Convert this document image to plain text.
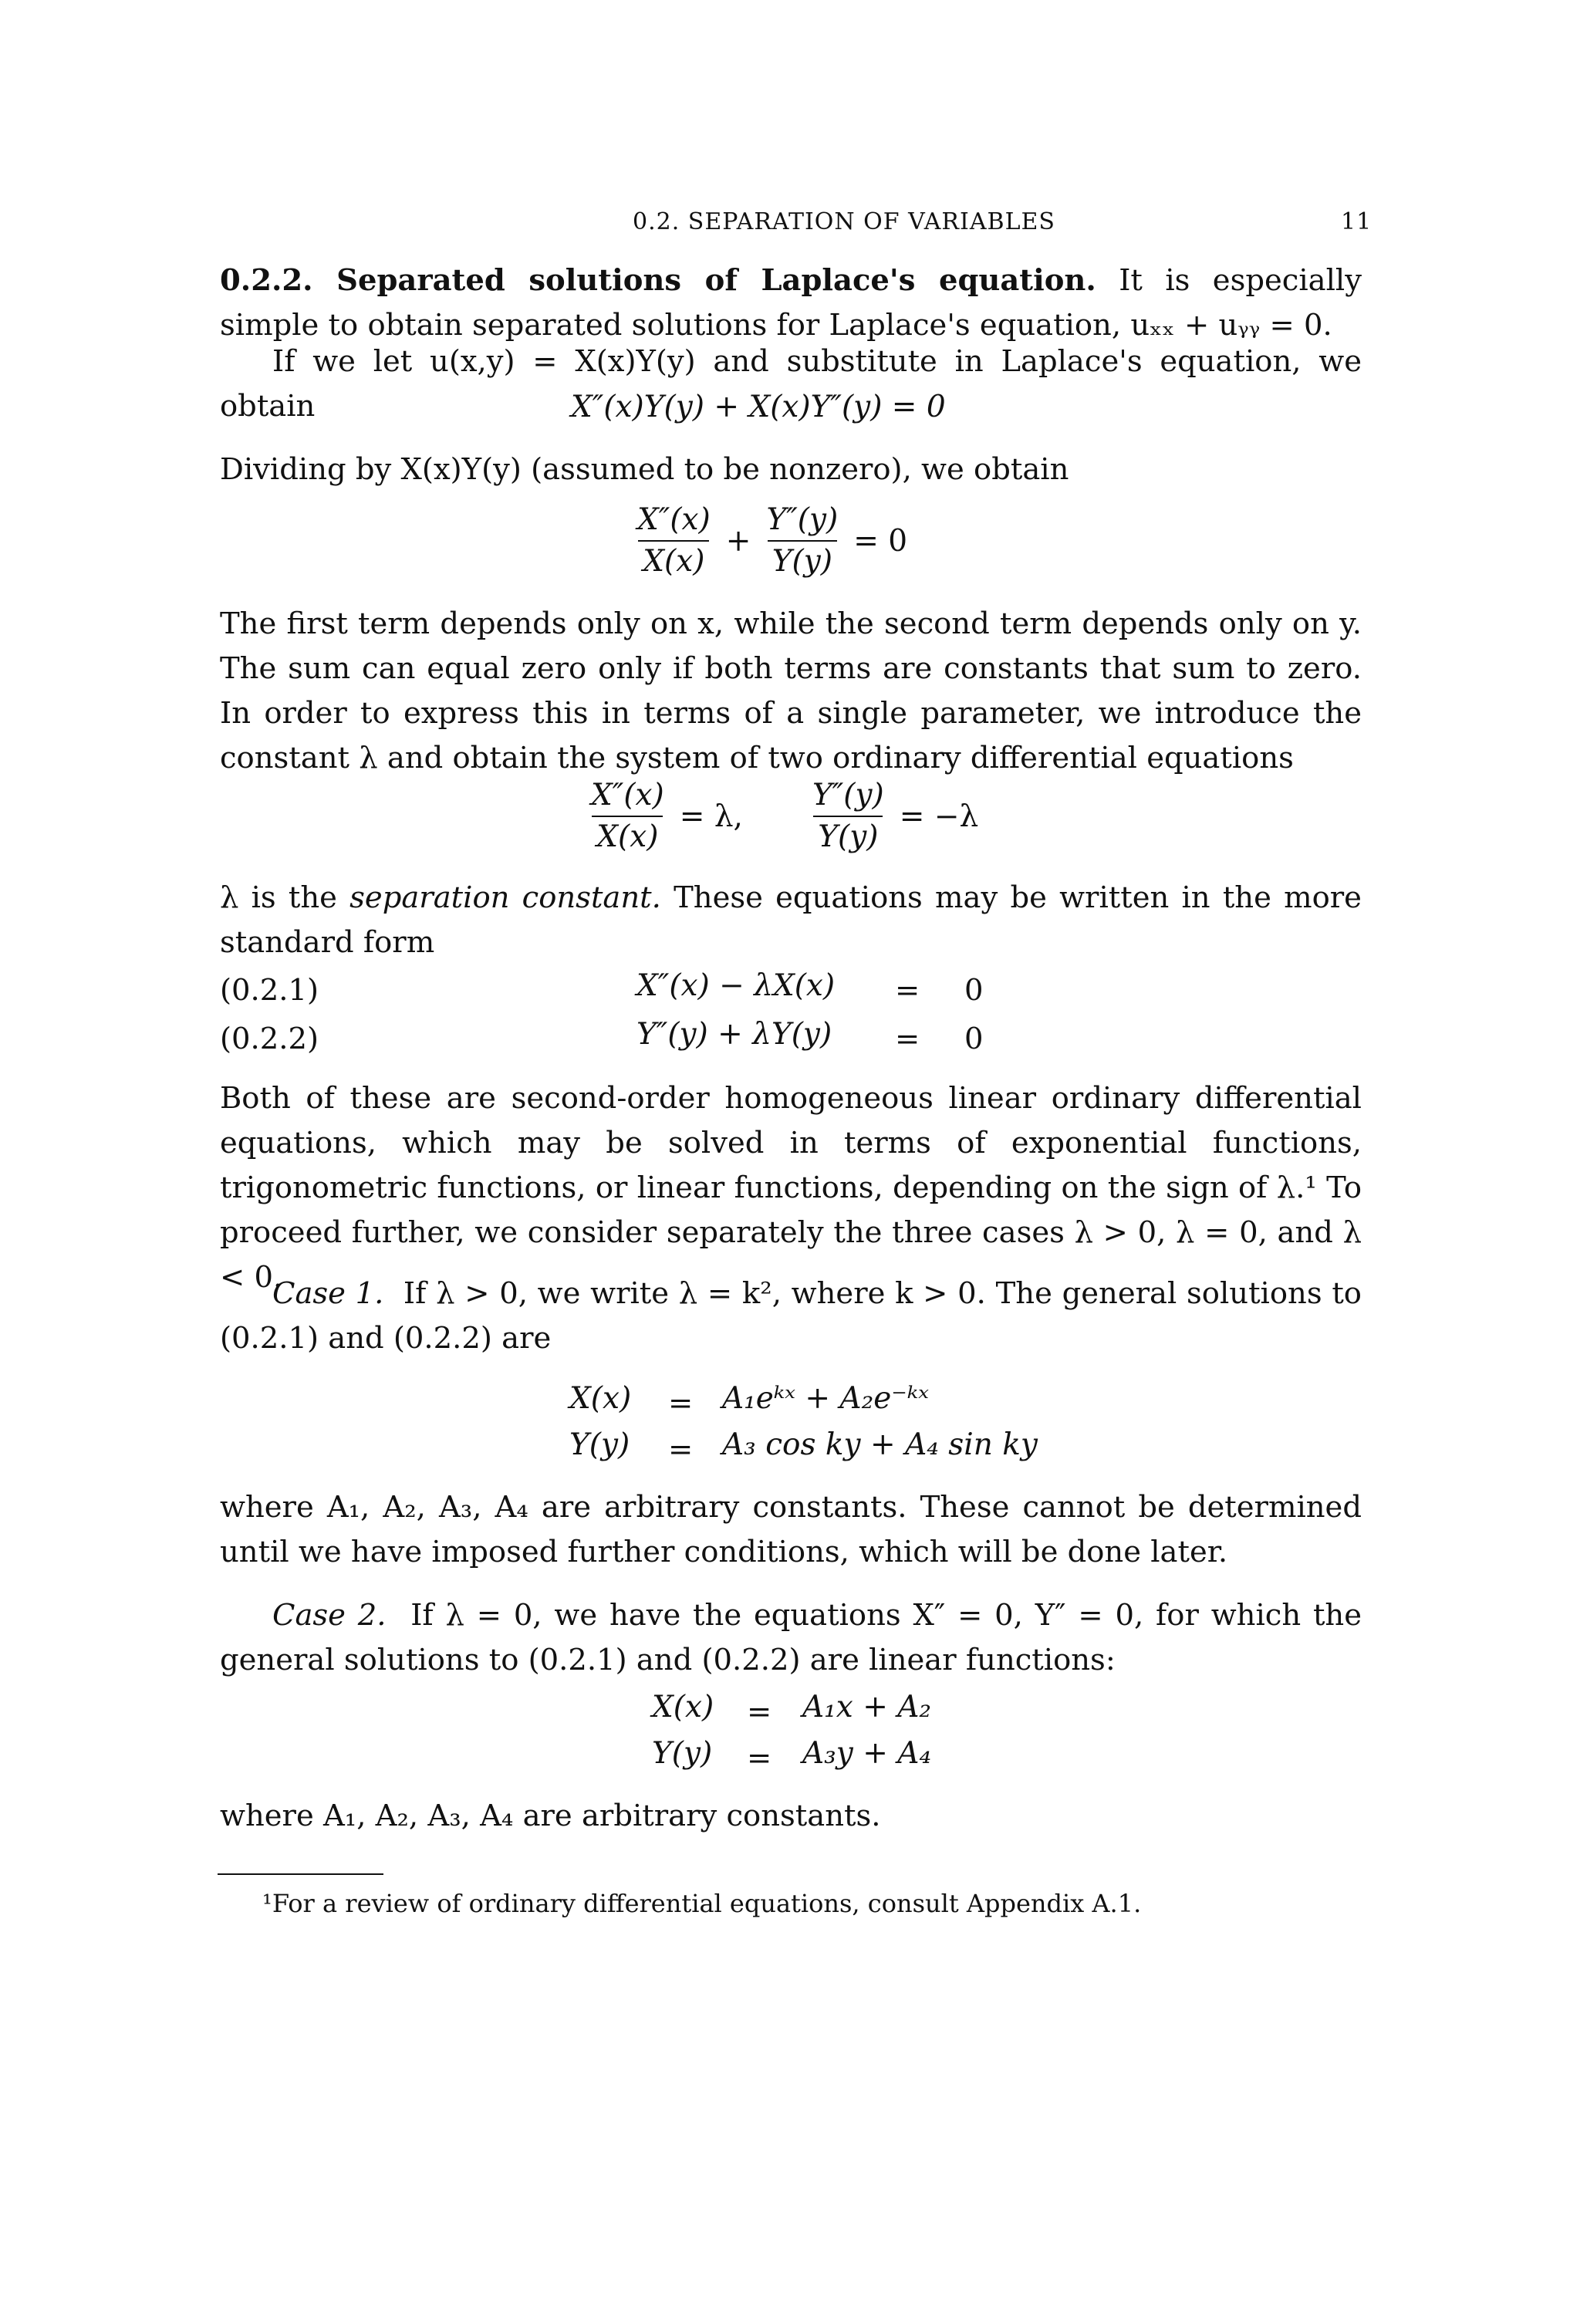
0.2. SEPARATION OF VARIABLES	11
0.2.2. Separated solutions of Laplace's equation. It is especially simple to obtain separated solutions for Laplace's equation, uₓₓ + uᵧᵧ = 0.
If we let u(x,y) = X(x)Y(y) and substitute in Laplace's equation, we obtain	X″(x)Y(y) + X(x)Y″(y) = 0
Dividing by X(x)Y(y) (assumed to be nonzero), we obtain
$\frac{X''(x)}{X(x)} + \frac{Y''(y)}{Y(y)} = 0$
The first term depends only on x, while the second term depends only on y. The sum can equal zero only if both terms are constants that sum to zero. In order to express this in terms of a single parameter, we introduce the constant λ and obtain the system of two ordinary differential equations
$\frac{X''(x)}{X(x)} = \lambda$, $\frac{Y''(y)}{Y(y)} = -\lambda$
λ is the separation constant. These equations may be written in the more standard form
(0.2.1)	X″(x) − λX(x) = 0
(0.2.2)	Y″(y) + λY(y) = 0
Both of these are second-order homogeneous linear ordinary differential equations, which may be solved in terms of exponential functions, trigonometric functions, or linear functions, depending on the sign of λ.¹ To proceed further, we consider separately the three cases λ > 0, λ = 0, and λ < 0.
Case 1. If λ > 0, we write λ = k², where k > 0. The general solutions to (0.2.1) and (0.2.2) are
X(x) = A₁eᵏˣ + A₂e⁻ᵏˣ
Y(y) = A₃ cos ky + A₄ sin ky
where A₁, A₂, A₃, A₄ are arbitrary constants. These cannot be determined until we have imposed further conditions, which will be done later.
Case 2. If λ = 0, we have the equations X″ = 0, Y″ = 0, for which the general solutions to (0.2.1) and (0.2.2) are linear functions:
X(x) = A₁x + A₂
Y(y) = A₃y + A₄
where A₁, A₂, A₃, A₄ are arbitrary constants.
¹For a review of ordinary differential equations, consult Appendix A.1.
